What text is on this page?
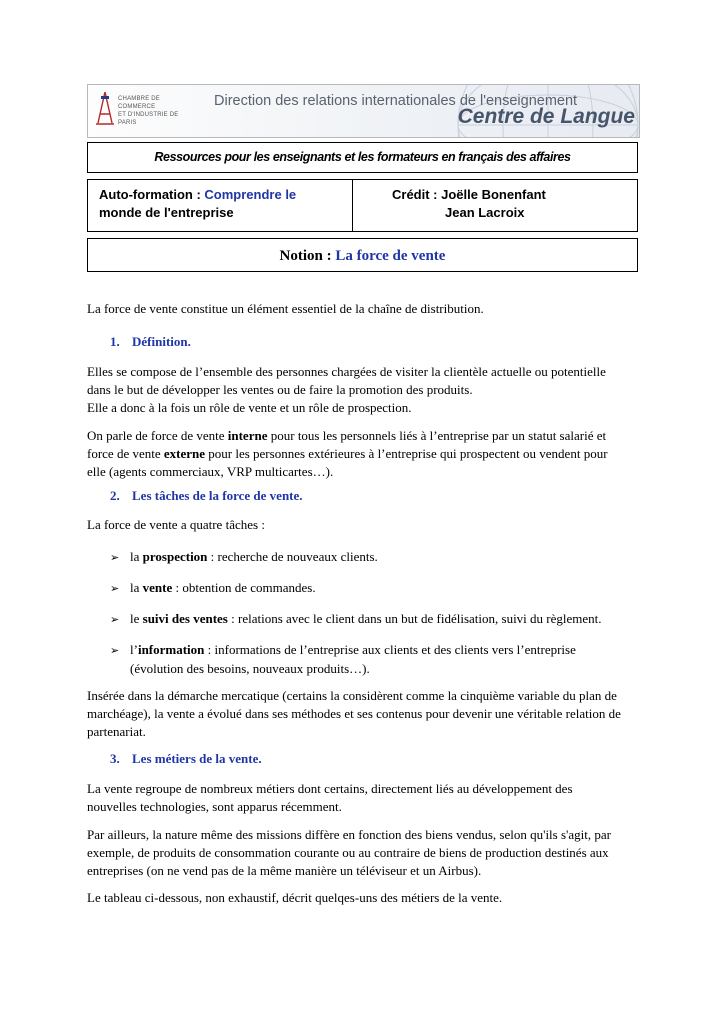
CHAMBRE DE COMMERCE
ET D'INDUSTRIE DE PARIS
Direction des relations internationales de l'enseignement
Centre de Langue
Ressources pour les enseignants et les formateurs en français des affaires
Auto-formation : Comprendre le
monde de l'entreprise
Crédit : Joëlle Bonenfant
Jean Lacroix
Notion : La force de vente
La force de vente constitue un élément essentiel de la chaîne de distribution.
1. Définition.

Elles se compose de l’ensemble des personnes chargées de visiter la clientèle actuelle ou potentielle

dans le but de développer les ventes ou de faire la promotion des produits.

Elle a donc à la fois un rôle de vente et un rôle de prospection.

On parle de force de vente interne pour tous les personnels liés à l’entreprise par un statut salarié et

force de vente externe pour les personnes extérieures à l’entreprise qui prospectent ou vendent pour

elle (agents commerciaux, VRP multicartes…).

2. Les tâches de la force de vente.
La force de vente a quatre tâches :
➢ la prospection : recherche de nouveaux clients.
➢ la vente : obtention de commandes.
➢ le suivi des ventes : relations avec le client dans un but de fidélisation, suivi du règlement.
➢ l’information : informations de l’entreprise aux clients et des clients vers l’entreprise
(évolution des besoins, nouveaux produits…).

Insérée dans la démarche mercatique (certains la considèrent comme la cinquième variable du plan de

marchéage), la vente a évolué dans ses méthodes et ses contenus pour devenir une véritable relation de

partenariat.

3. Les métiers de la vente.

La vente regroupe de nombreux métiers dont certains, directement liés au développement des

nouvelles technologies, sont apparus récemment.

Par ailleurs, la nature même des missions diffère en fonction des biens vendus, selon qu'ils s'agit, par

exemple, de produits de consommation courante ou au contraire de biens de production destinés aux

entreprises (on ne vend pas de la même manière un téléviseur et un Airbus).

Le tableau ci-dessous, non exhaustif, décrit quelqes-uns des métiers de la vente.
